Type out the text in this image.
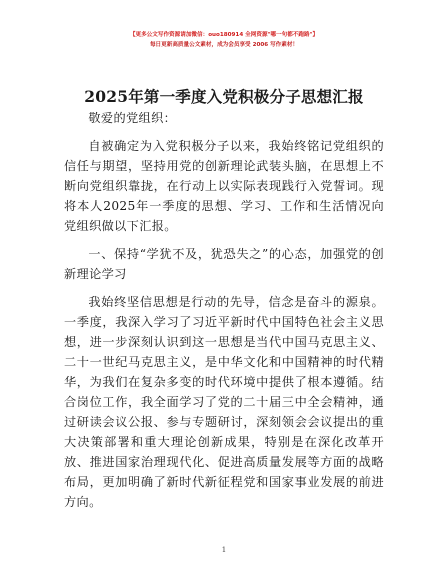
【更多公文写作资源请加微信：ouo180914 全网资源"哪一句都不跑路"】
每日更新高质量公文素材，成为会员享受 2006 写作素材！
2025年第一季度入党积极分子思想汇报

敬爱的党组织：

自被确定为入党积极分子以来，我始终铭记党组织的信任与期望，坚持用党的创新理论武装头脑，在思想上不断向党组织靠拢，在行动上以实际表现践行入党誓词。现将本人2025年一季度的思想、学习、工作和生活情况向党组织做以下汇报。

一、保持“学犹不及，犹恐失之”的心态，加强党的创新理论学习

我始终坚信思想是行动的先导，信念是奋斗的源泉。一季度，我深入学习了习近平新时代中国特色社会主义思想，进一步深刻认识到这一思想是当代中国马克思主义、二十一世纪马克思主义，是中华文化和中国精神的时代精华，为我们在复杂多变的时代环境中提供了根本遵循。结合岗位工作，我全面学习了党的二十届三中全会精神，通过研读会议公报、参与专题研讨，深刻领会会议提出的重大决策部署和重大理论创新成果，特别是在深化改革开放、推进国家治理现代化、促进高质量发展等方面的战略布局，更加明确了新时代新征程党和国家事业发展的前进方向。

1
